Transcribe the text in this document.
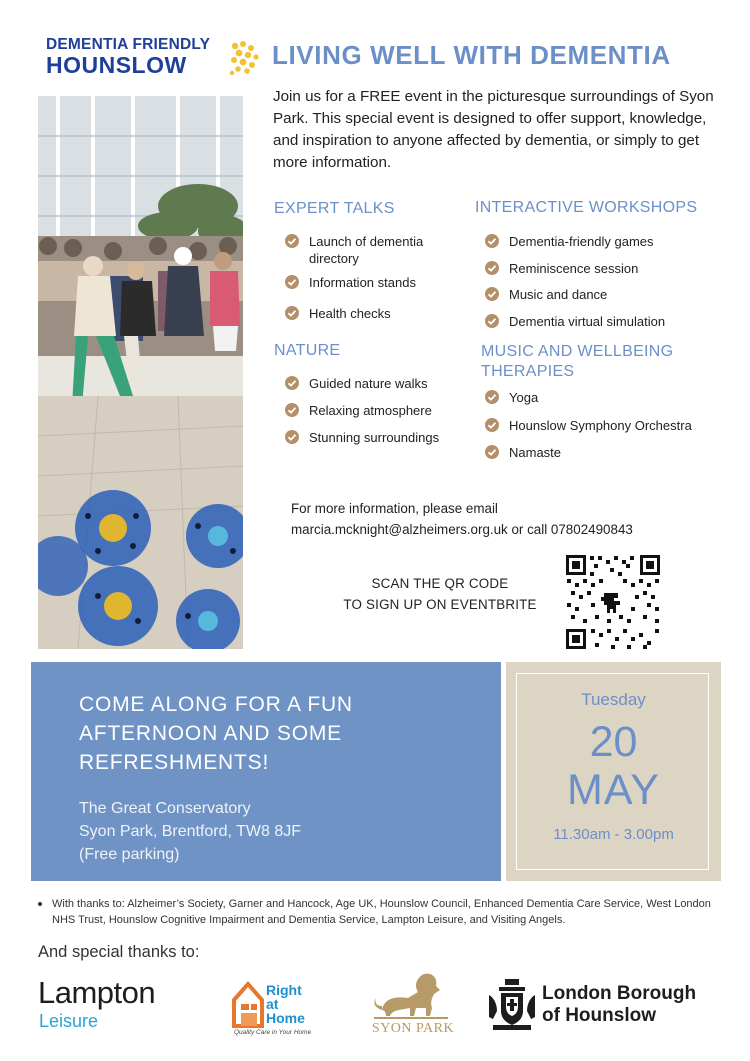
DEMENTIA FRIENDLY
HOUNSLOW	LIVING WELL WITH DEMENTIA
Join us for a FREE event in the picturesque surroundings of Syon Park. This special event is designed to offer support, knowledge, and inspiration to anyone affected by dementia, or simply to get more information.
EXPERT TALKS
Launch of dementia directory
Information stands
Health checks
NATURE
Guided nature walks
Relaxing atmosphere
Stunning surroundings
INTERACTIVE WORKSHOPS
Dementia-friendly games
Reminiscence session
Music and dance
Dementia virtual simulation
MUSIC AND WELLBEING THERAPIES
Yoga
Hounslow Symphony Orchestra
Namaste
For more information, please email
marcia.mcknight@alzheimers.org.uk or call 07802490843
SCAN THE QR CODE
TO SIGN UP ON EVENTBRITE
COME ALONG FOR A FUN AFTERNOON AND SOME REFRESHMENTS!
The Great Conservatory
Syon Park, Brentford, TW8 8JF
(Free parking)
Tuesday
20
MAY
11.30am - 3.00pm
With thanks to: Alzheimer’s Society, Garner and Hancock, Age UK, Hounslow Council, Enhanced Dementia Care Service, West London NHS Trust, Hounslow Cognitive Impairment and Dementia Service, Lampton Leisure, and Visiting Angels.
And special thanks to:
Lampton
Leisure
Right
at
Home
Quality Care in Your Home	SYON PARK
London Borough
of Hounslow
